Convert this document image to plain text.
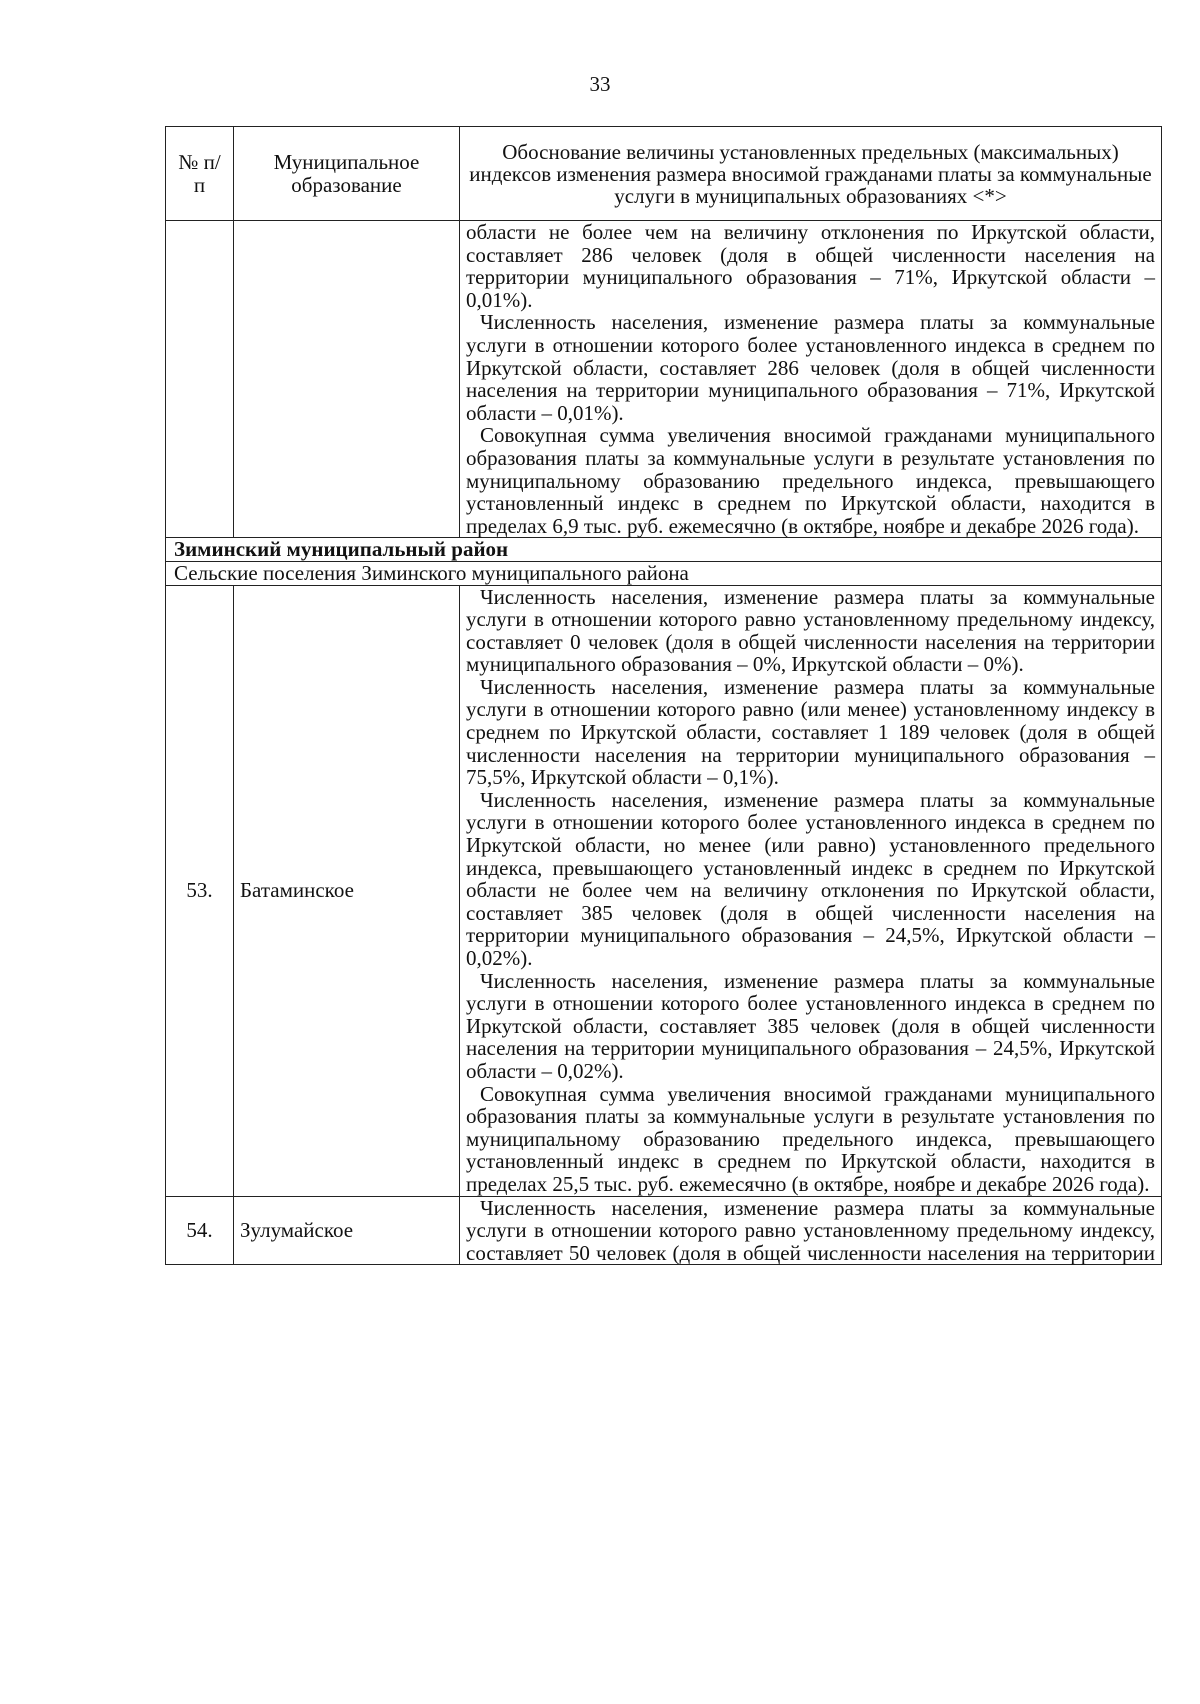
33
№ п/п	Муниципальное образование	Обоснование величины установленных предельных (максимальных) индексов изменения размера вносимой гражданами платы за коммунальные услуги в муниципальных образованиях <*>

		области не более чем на величину отклонения по Иркутской области, составляет 286 человек (доля в общей численности населения на территории муниципального образования – 71%, Иркутской области – 0,01%).
Численность населения, изменение размера платы за коммунальные услуги в отношении которого более установленного индекса в среднем по Иркутской области, составляет 286 человек (доля в общей численности населения на территории муниципального образования – 71%, Иркутской области – 0,01%).
Совокупная сумма увеличения вносимой гражданами муниципального образования платы за коммунальные услуги в результате установления по муниципальному образованию предельного индекса, превышающего установленный индекс в среднем по Иркутской области, находится в пределах 6,9 тыс. руб. ежемесячно (в октябре, ноябре и декабре 2026 года).

Зиминский муниципальный район		
Сельские поселения Зиминского муниципального района		
53.	Батаминское	Численность населения, изменение размера платы за коммунальные услуги в отношении которого равно установленному предельному индексу, составляет 0 человек (доля в общей численности населения на территории муниципального образования – 0%, Иркутской области – 0%).
Численность населения, изменение размера платы за коммунальные услуги в отношении которого равно (или менее) установленному индексу в среднем по Иркутской области, составляет 1 189 человек (доля в общей численности населения на территории муниципального образования – 75,5%, Иркутской области – 0,1%).
Численность населения, изменение размера платы за коммунальные услуги в отношении которого более установленного индекса в среднем по Иркутской области, но менее (или равно) установленного предельного индекса, превышающего установленный индекс в среднем по Иркутской области не более чем на величину отклонения по Иркутской области, составляет 385 человек (доля в общей численности населения на территории муниципального образования – 24,5%, Иркутской области – 0,02%).
Численность населения, изменение размера платы за коммунальные услуги в отношении которого более установленного индекса в среднем по Иркутской области, составляет 385 человек (доля в общей численности населения на территории муниципального образования – 24,5%, Иркутской области – 0,02%).
Совокупная сумма увеличения вносимой гражданами муниципального образования платы за коммунальные услуги в результате установления по муниципальному образованию предельного индекса, превышающего установленный индекс в среднем по Иркутской области, находится в пределах 25,5 тыс. руб. ежемесячно (в октябре, ноябре и декабре 2026 года).

54.	Зулумайское	Численность населения, изменение размера платы за коммунальные услуги в отношении которого равно установленному предельному индексу, составляет 50 человек (доля в общей численности населения на территории
